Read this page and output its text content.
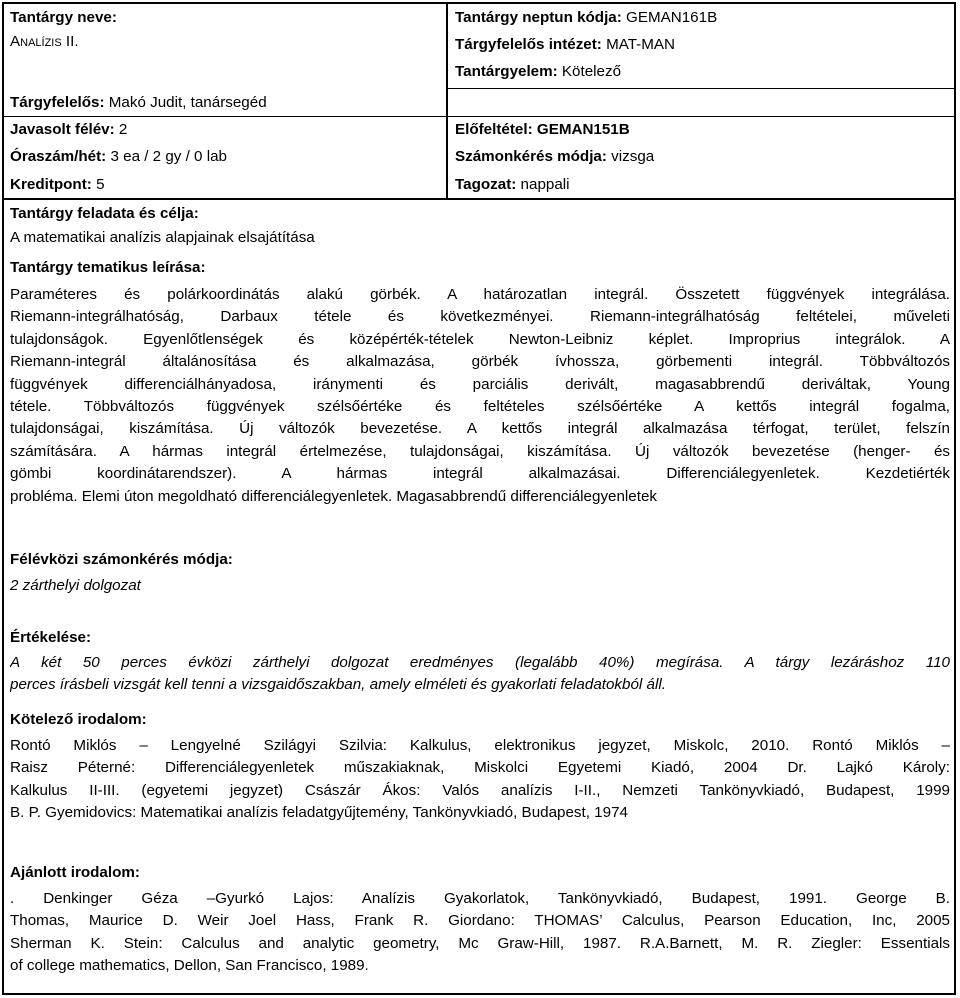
Tantárgy neve:
Analízis II.
Tárgyfelelős: Makó Judit, tanársegéd
Javasolt félév: 2
Óraszám/hét: 3 ea / 2 gy / 0 lab
Kreditpont: 5
Tantárgy neptun kódja: GEMAN161B
Tárgyfelelős intézet: MAT-MAN
Tantárgyelem: Kötelező
Előfeltétel: GEMAN151B
Számonkérés módja: vizsga
Tagozat: nappali
Tantárgy feladata és célja:
A matematikai analízis alapjainak elsajátítása
Tantárgy tematikus leírása:
Paraméteres és polárkoordinátás alakú görbék. A határozatlan integrál. Összetett függvények integrálása.
Riemann-integrálhatóság, Darbaux tétele és következményei. Riemann-integrálhatóság feltételei, műveleti
tulajdonságok. Egyenlőtlenségek és középérték-tételek Newton-Leibniz képlet. Improprius integrálok. A
Riemann-integrál általánosítása és alkalmazása, görbék ívhossza, görbementi integrál. Többváltozós
függvények differenciálhányadosa, iránymenti és parciális derivált, magasabbrendű deriváltak, Young
tétele. Többváltozós függvények szélsőértéke és feltételes szélsőértéke A kettős integrál fogalma,
tulajdonságai, kiszámítása. Új változók bevezetése. A kettős integrál alkalmazása térfogat, terület, felszín
számítására. A hármas integrál értelmezése, tulajdonságai, kiszámítása. Új változók bevezetése (henger- és
gömbi koordinátarendszer). A hármas integrál alkalmazásai. Differenciálegyenletek. Kezdetiérték
probléma. Elemi úton megoldható differenciálegyenletek. Magasabbrendű differenciálegyenletek
Félévközi számonkérés módja:
2 zárthelyi dolgozat
Értékelése:
A két 50 perces évközi zárthelyi dolgozat eredményes (legalább 40%) megírása. A tárgy lezáráshoz 110
perces írásbeli vizsgát kell tenni a vizsgaidőszakban, amely elméleti és gyakorlati feladatokból áll.
Kötelező irodalom:
Rontó Miklós – Lengyelné Szilágyi Szilvia: Kalkulus, elektronikus jegyzet, Miskolc, 2010. Rontó Miklós –
Raisz Péterné: Differenciálegyenletek műszakiaknak, Miskolci Egyetemi Kiadó, 2004 Dr. Lajkó Károly:
Kalkulus II-III. (egyetemi jegyzet) Császár Ákos: Valós analízis I-II., Nemzeti Tankönyvkiadó, Budapest, 1999
B. P. Gyemidovics: Matematikai analízis feladatgyűjtemény, Tankönyvkiadó, Budapest, 1974
Ajánlott irodalom:
. Denkinger Géza –Gyurkó Lajos: Analízis Gyakorlatok, Tankönyvkiadó, Budapest, 1991. George B.
Thomas, Maurice D. Weir Joel Hass, Frank R. Giordano: THOMAS’ Calculus, Pearson Education, Inc, 2005
Sherman K. Stein: Calculus and analytic geometry, Mc Graw-Hill, 1987. R.A.Barnett, M. R. Ziegler: Essentials
of college mathematics, Dellon, San Francisco, 1989.
